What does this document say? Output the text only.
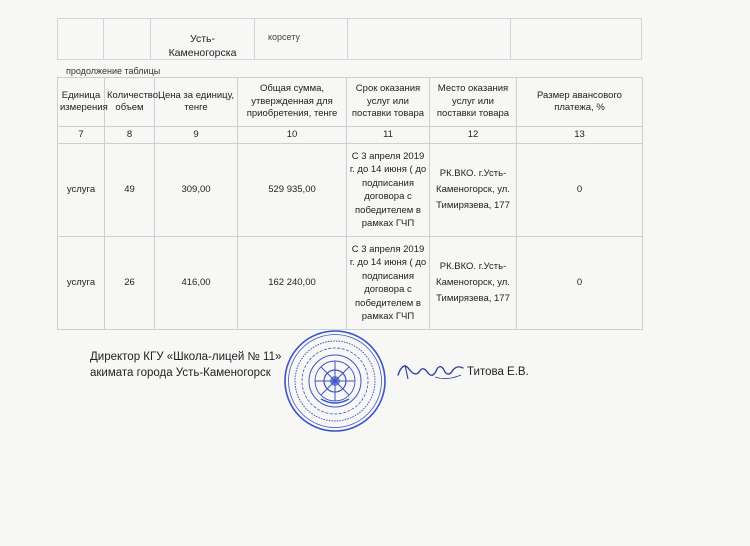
Усть-Каменогорска
корсету
продолжение таблицы
Единица измерения	Количество, объем	Цена за единицу, тенге	Общая сумма, утвержденная для приобретения, тенге	Срок оказания услуг или поставки товара	Место оказания услуг или поставки товара	Размер авансового платежа, %
7	8	9	10	11	12	13
услуга	49	309,00	529 935,00	С 3 апреля 2019 г. до 14 июня ( до подписания договора с победителем в рамках ГЧП	РК.ВКО. г.Усть-Каменогорск, ул. Тимирязева, 177	0
услуга	26	416,00	162 240,00	С 3 апреля 2019 г. до 14 июня ( до подписания договора с победителем в рамках ГЧП	РК.ВКО. г.Усть-Каменогорск, ул. Тимирязева, 177	0
Директор КГУ «Школа-лицей № 11»
акимата города Усть-Каменогорск	Титова Е.В.
